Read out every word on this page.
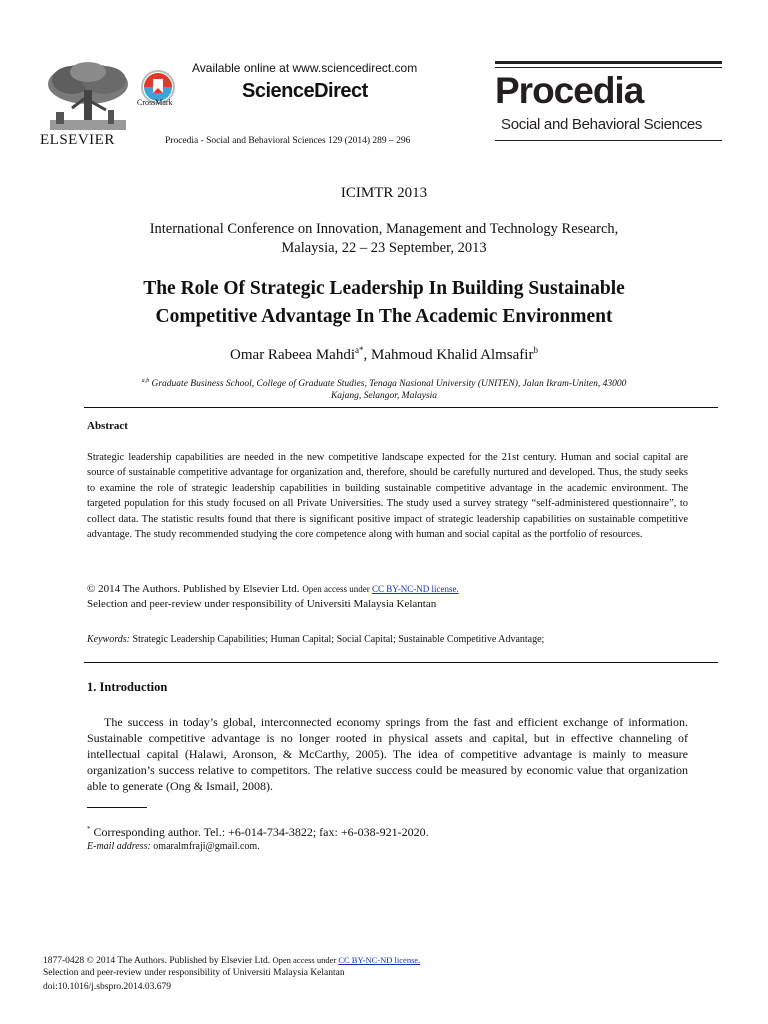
ELSEVIER
CrossMark
Available online at www.sciencedirect.com
ScienceDirect
Procedia - Social and Behavioral Sciences 129 (2014) 289 – 296
Procedia
Social and Behavioral Sciences
ICIMTR 2013
International Conference on Innovation, Management and Technology Research,
Malaysia, 22 – 23 September, 2013
The Role Of Strategic Leadership In Building Sustainable
Competitive Advantage In The Academic Environment
Omar Rabeea Mahdi$^{a*}$, Mahmoud Khalid Almsafir$^b$
$^{a,b}$ Graduate Business School, College of Graduate Studies, Tenaga Nasional University (UNITEN), Jalan Ikram-Uniten, 43000
Kajang, Selangor, Malaysia
Abstract
Strategic leadership capabilities are needed in the new competitive landscape expected for the 21st century. Human and social capital are source of sustainable competitive advantage for organization and, therefore, should be carefully nurtured and developed. Thus, the study seeks to examine the role of strategic leadership capabilities in building sustainable competitive advantage in the academic environment. The targeted population for this study focused on all Private Universities. The study used a survey strategy “self-administered questionnaire”, to collect data. The statistic results found that there is significant positive impact of strategic leadership capabilities on sustainable competitive advantage. The study recommended studying the core competence along with human and social capital as the portfolio of resources.
© 2014 The Authors. Published by Elsevier Ltd. Open access under CC BY-NC-ND license.
Selection and peer-review under responsibility of Universiti Malaysia Kelantan
Keywords: Strategic Leadership Capabilities; Human Capital; Social Capital; Sustainable Competitive Advantage;
1. Introduction
The success in today’s global, interconnected economy springs from the fast and efficient exchange of information. Sustainable competitive advantage is no longer rooted in physical assets and capital, but in effective channeling of intellectual capital (Halawi, Aronson, & McCarthy, 2005). The idea of competitive advantage is mainly to measure organization’s success relative to competitors. The relative success could be measured by economic value that organization able to generate (Ong & Ismail, 2008).
* Corresponding author. Tel.: +6-014-734-3822; fax: +6-038-921-2020.
E-mail address: omaralmfraji@gmail.com.
1877-0428 © 2014 The Authors. Published by Elsevier Ltd. Open access under CC BY-NC-ND license.
Selection and peer-review under responsibility of Universiti Malaysia Kelantan
doi:10.1016/j.sbspro.2014.03.679
